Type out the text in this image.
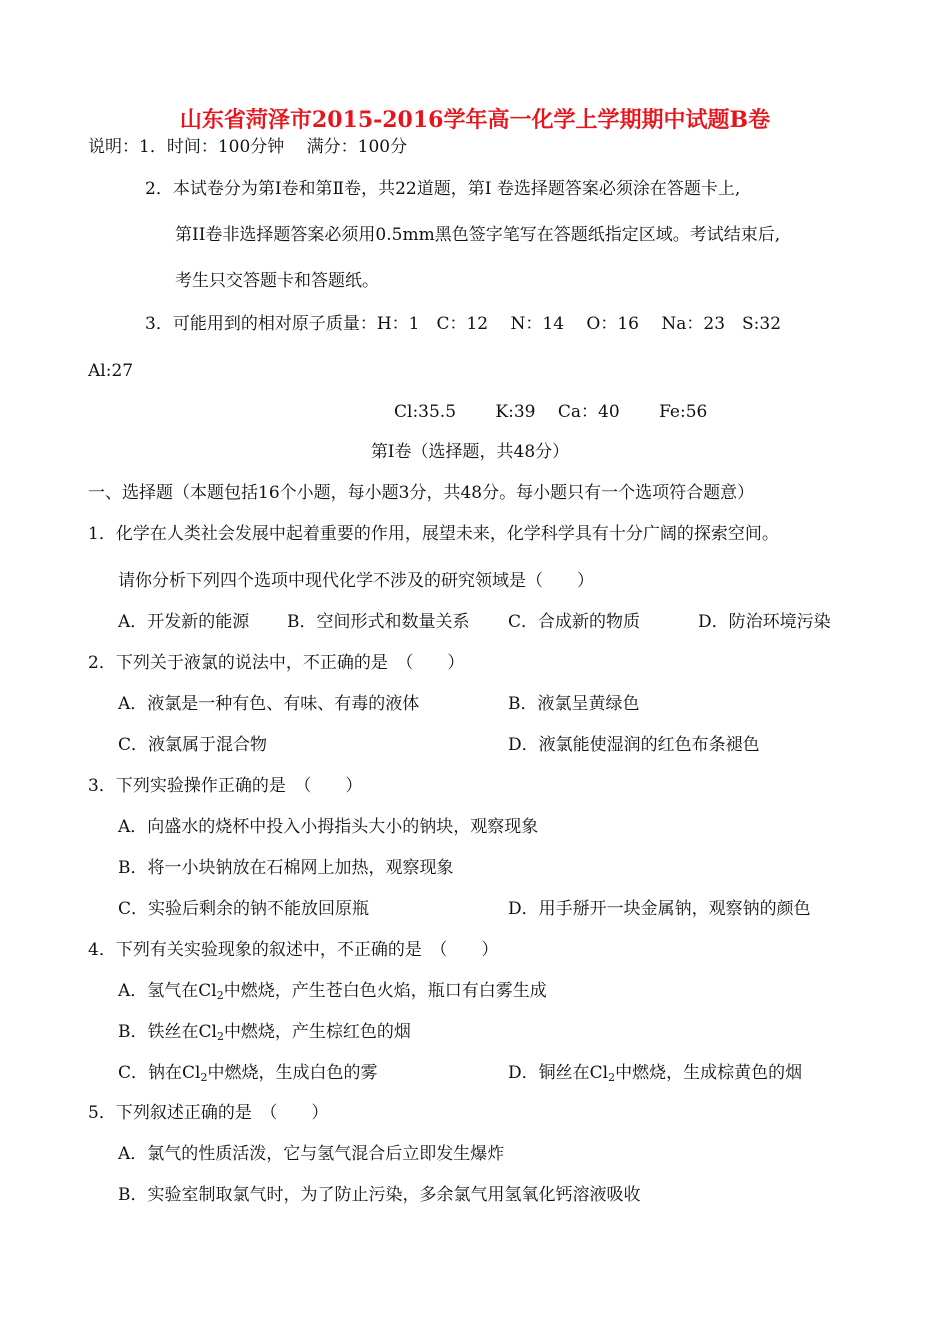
山东省菏泽市2015-2016学年高一化学上学期期中试题B卷
说明：1．时间：100分钟　 满分：100分
2．本试卷分为第Ⅰ卷和第Ⅱ卷，共22道题，第Ⅰ 卷选择题答案必须涂在答题卡上,
第II卷非选择题答案必须用0.5mm黑色签字笔写在答题纸指定区域。考试结束后,
考生只交答题卡和答题纸。
3．可能用到的相对原子质量：H：1　C：12　 N：14　 O：16　 Na：23　S:32
Al:27
Cl:35.5　　 K:39　 Ca：40　　 Fe:56
第Ⅰ卷（选择题，共48分）
一、选择题（本题包括16个小题，每小题3分，共48分。每小题只有一个选项符合题意）
1．化学在人类社会发展中起着重要的作用，展望未来，化学科学具有十分广阔的探索空间。
请你分析下列四个选项中现代化学不涉及的研究领域是（　　）
A．开发新的能源 B．空间形式和数量关系 C．合成新的物质	D．防治环境污染
2．下列关于液氯的说法中，不正确的是　（　　）
A．液氯是一种有色、有味、有毒的液体	B．液氯呈黄绿色
C．液氯属于混合物	D．液氯能使湿润的红色布条褪色
3．下列实验操作正确的是　（　　）
A．向盛水的烧杯中投入小拇指头大小的钠块，观察现象
B．将一小块钠放在石棉网上加热，观察现象
C．实验后剩余的钠不能放回原瓶	D．用手掰开一块金属钠，观察钠的颜色
4．下列有关实验现象的叙述中，不正确的是　（　　）
A．氢气在$Cl_2$中燃烧，产生苍白色火焰，瓶口有白雾生成
B．铁丝在$Cl_2$中燃烧，产生棕红色的烟
C．钠在$Cl_2$中燃烧，生成白色的雾	D．铜丝在$Cl_2$中燃烧，生成棕黄色的烟
5．下列叙述正确的是　（　　）
A．氯气的性质活泼，它与氢气混合后立即发生爆炸
B．实验室制取氯气时，为了防止污染，多余氯气用氢氧化钙溶液吸收
